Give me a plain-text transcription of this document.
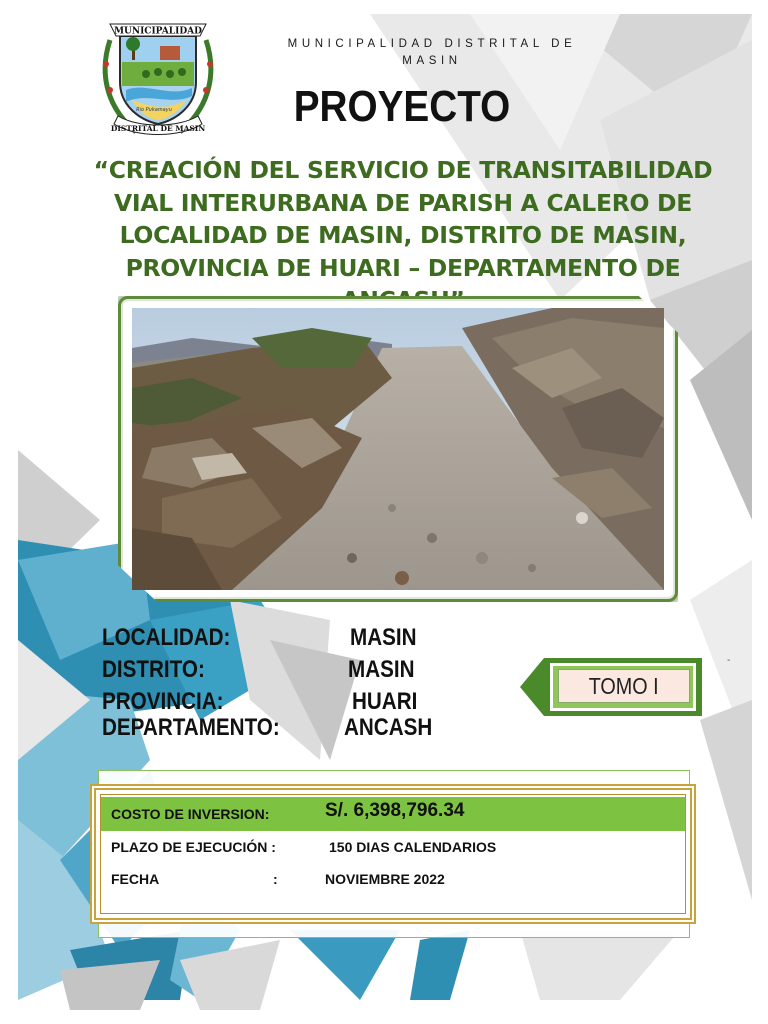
MUNICIPALIDAD
Río Pukamayu
DISTRITAL DE MASIN
MUNICIPALIDAD DISTRITAL DE
MASIN
PROYECTO
“CREACIÓN DEL SERVICIO DE TRANSITABILIDAD VIAL INTERURBANA DE PARISH A CALERO DE LOCALIDAD DE MASIN, DISTRITO DE MASIN, PROVINCIA DE HUARI – DEPARTAMENTO DE
LOCALIDAD:	MASIN
DISTRITO:	MASIN
PROVINCIA:	HUARI
DEPARTAMENTO:	ANCASH
TOMO I
-
COSTO DE INVERSION:	S/. 6,398,796.34
PLAZO DE EJECUCIÓN :	150 DIAS CALENDARIOS
FECHA	:	NOVIEMBRE 2022
